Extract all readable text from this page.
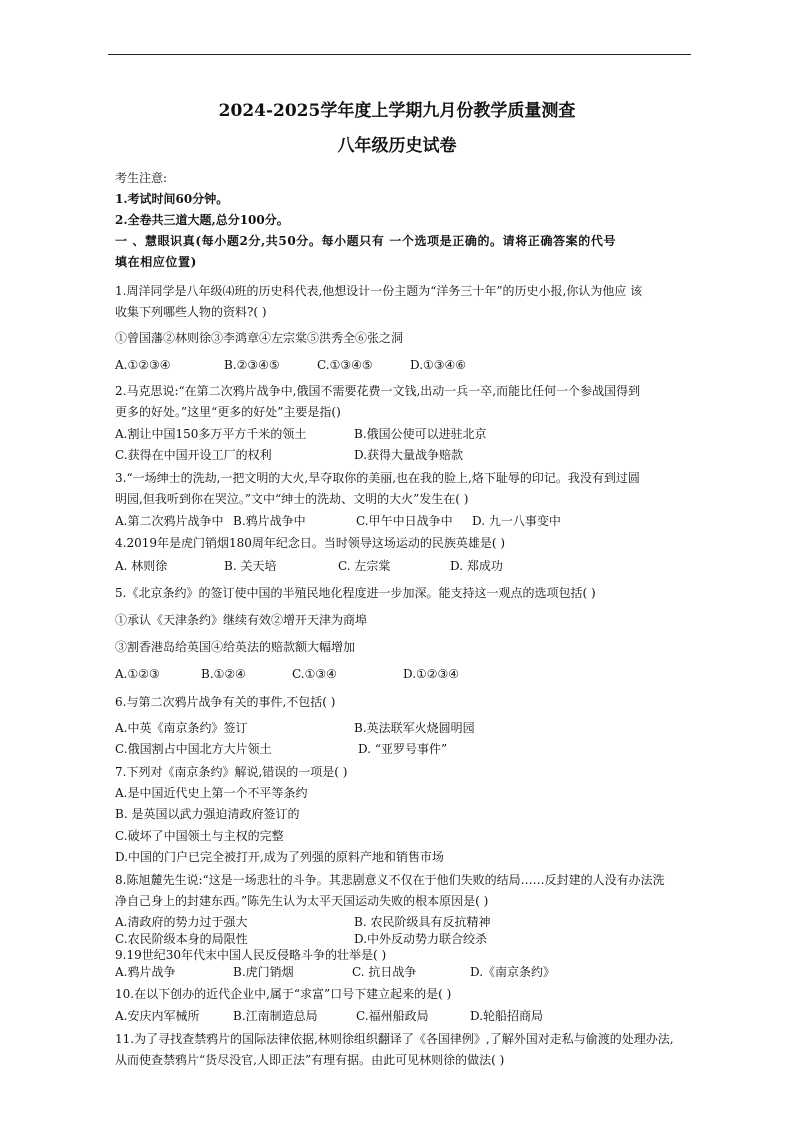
2024-2025学年度上学期九月份教学质量测查
八年级历史试卷
考生注意:
1.考试时间60分钟。
2.全卷共三道大题,总分100分。
一 、慧眼识真(每小题2分,共50分。每小题只有 一个选项是正确的。请将正确答案的代号
填在相应位置)
1.周洋同学是八年级⑷班的历史科代表,他想设计一份主题为“洋务三十年”的历史小报,你认为他应 该
收集下列哪些人物的资料?( )
①曾国藩②林则徐③李鸿章④左宗棠⑤洪秀全⑥张之洞
A.①②③④	B.②③④⑤	C.①③④⑤	D.①③④⑥
2.马克思说:“在第二次鸦片战争中,俄国不需要花费一文钱,出动一兵一卒,而能比任何一个参战国得到
更多的好处。”这里“更多的好处”主要是指()
A.割让中国150多万平方千米的领土	B.俄国公使可以进驻北京
C.获得在中国开设工厂的权利	D.获得大量战争赔款
3.“一场绅士的洗劫,一把文明的大火,旱夺取你的美丽,也在我的脸上,烙下耻辱的印记。我没有到过圆
明园,但我听到你在哭泣。”文中“绅士的洗劫、文明的大火”发生在( )
A.第二次鸦片战争中 B.鸦片战争中	C.甲午中日战争中 D. 九一八事变中
4.2019年是虎门销烟180周年纪念日。当时领导这场运动的民族英雄是( )
A. 林则徐	B. 关天培	C. 左宗棠	D. 郑成功
5.《北京条约》的签订使中国的半殖民地化程度进一步加深。能支持这一观点的选项包括( )
①承认《天津条约》继续有效②增开天津为商埠
③割香港岛给英国④给英法的赔款额大幅增加
A.①②③	B.①②④	C.①③④	D.①②③④
6.与第二次鸦片战争有关的事件,不包括( )
A.中英《南京条约》签订	B.英法联军火烧圆明园
C.俄国割占中国北方大片领土	D. “亚罗号事件”
7.下列对《南京条约》解说,错误的一项是( )
A.是中国近代史上第一个不平等条约
B. 是英国以武力强迫清政府签订的
C.破坏了中国领土与主权的完整
D.中国的门户已完全被打开,成为了列强的原料产地和销售市场
8.陈旭麓先生说:“这是一场悲壮的斗争。其悲剧意义不仅在于他们失败的结局……反封建的人没有办法洗
净自己身上的封建东西。”陈先生认为太平天国运动失败的根本原因是( )
A.清政府的势力过于强大	B. 农民阶级具有反抗精神
C.农民阶级本身的局限性	D.中外反动势力联合绞杀
9.19世纪30年代末中国人民反侵略斗争的壮举是( )
A.鸦片战争	B.虎门销烟	C. 抗日战争	D.《南京条约》
10.在以下创办的近代企业中,属于“求富”口号下建立起来的是( )
A.安庆内军械所	B.江南制造总局	C.福州船政局	D.轮船招商局
11.为了寻找查禁鸦片的国际法律依据,林则徐组织翻译了《各国律例》,了解外国对走私与偷渡的处理办法,
从而使查禁鸦片“货尽没官,人即正法”有理有据。由此可见林则徐的做法( )
